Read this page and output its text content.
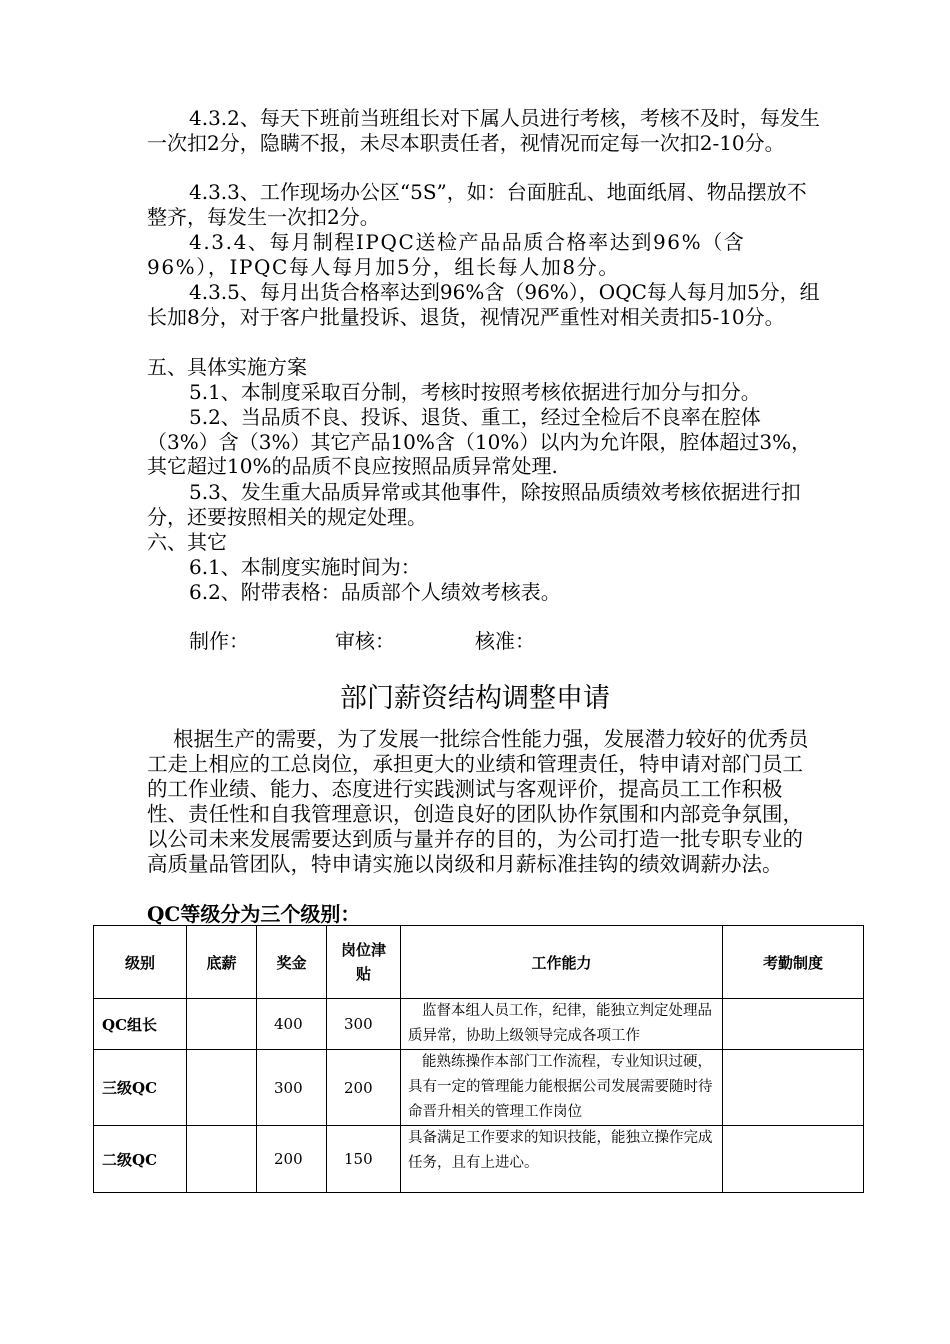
4.3.2、每天下班前当班组长对下属人员进行考核，考核不及时，每发生一次扣2分，隐瞒不报，未尽本职责任者，视情况而定每一次扣2-10分。

4.3.3、工作现场办公区“5S”，如：台面脏乱、地面纸屑、物品摆放不整齐，每发生一次扣2分。

4.3.4、每月制程IPQC送检产品品质合格率达到96%（含96%），IPQC每人每月加5分，组长每人加8分。

4.3.5、每月出货合格率达到96%含（96%），OQC每人每月加5分，组长加8分，对于客户批量投诉、退货，视情况严重性对相关责扣5-10分。

五、具体实施方案

5.1、本制度采取百分制，考核时按照考核依据进行加分与扣分。

5.2、当品质不良、投诉、退货、重工，经过全检后不良率在腔体（3%）含（3%）其它产品10%含（10%）以内为允许限，腔体超过3%，其它超过10%的品质不良应按照品质异常处理.

5.3、发生重大品质异常或其他事件，除按照品质绩效考核依据进行扣分，还要按照相关的规定处理。

六、其它

6.1、本制度实施时间为：

6.2、附带表格：品质部个人绩效考核表。

制作：	审核：	核准：
部门薪资结构调整申请

根据生产的需要，为了发展一批综合性能力强，发展潜力较好的优秀员工走上相应的工总岗位，承担更大的业绩和管理责任，特申请对部门员工的工作业绩、能力、态度进行实践测试与客观评价，提高员工工作积极性、责任性和自我管理意识，创造良好的团队协作氛围和内部竞争氛围，以公司未来发展需要达到质与量并存的目的，为公司打造一批专职专业的高质量品管团队，特申请实施以岗级和月薪标准挂钩的绩效调薪办法。

QC等级分为三个级别：
级别	底薪	奖金	岗位津贴	工作能力	考勤制度
QC组长		400	300	监督本组人员工作，纪律，能独立判定处理品质异常，协助上级领导完成各项工作	
三级QC		300	200	能熟练操作本部门工作流程，专业知识过硬，具有一定的管理能力能根据公司发展需要随时待命晋升相关的管理工作岗位	
二级QC		200	150	具备满足工作要求的知识技能，能独立操作完成任务，且有上进心。	
